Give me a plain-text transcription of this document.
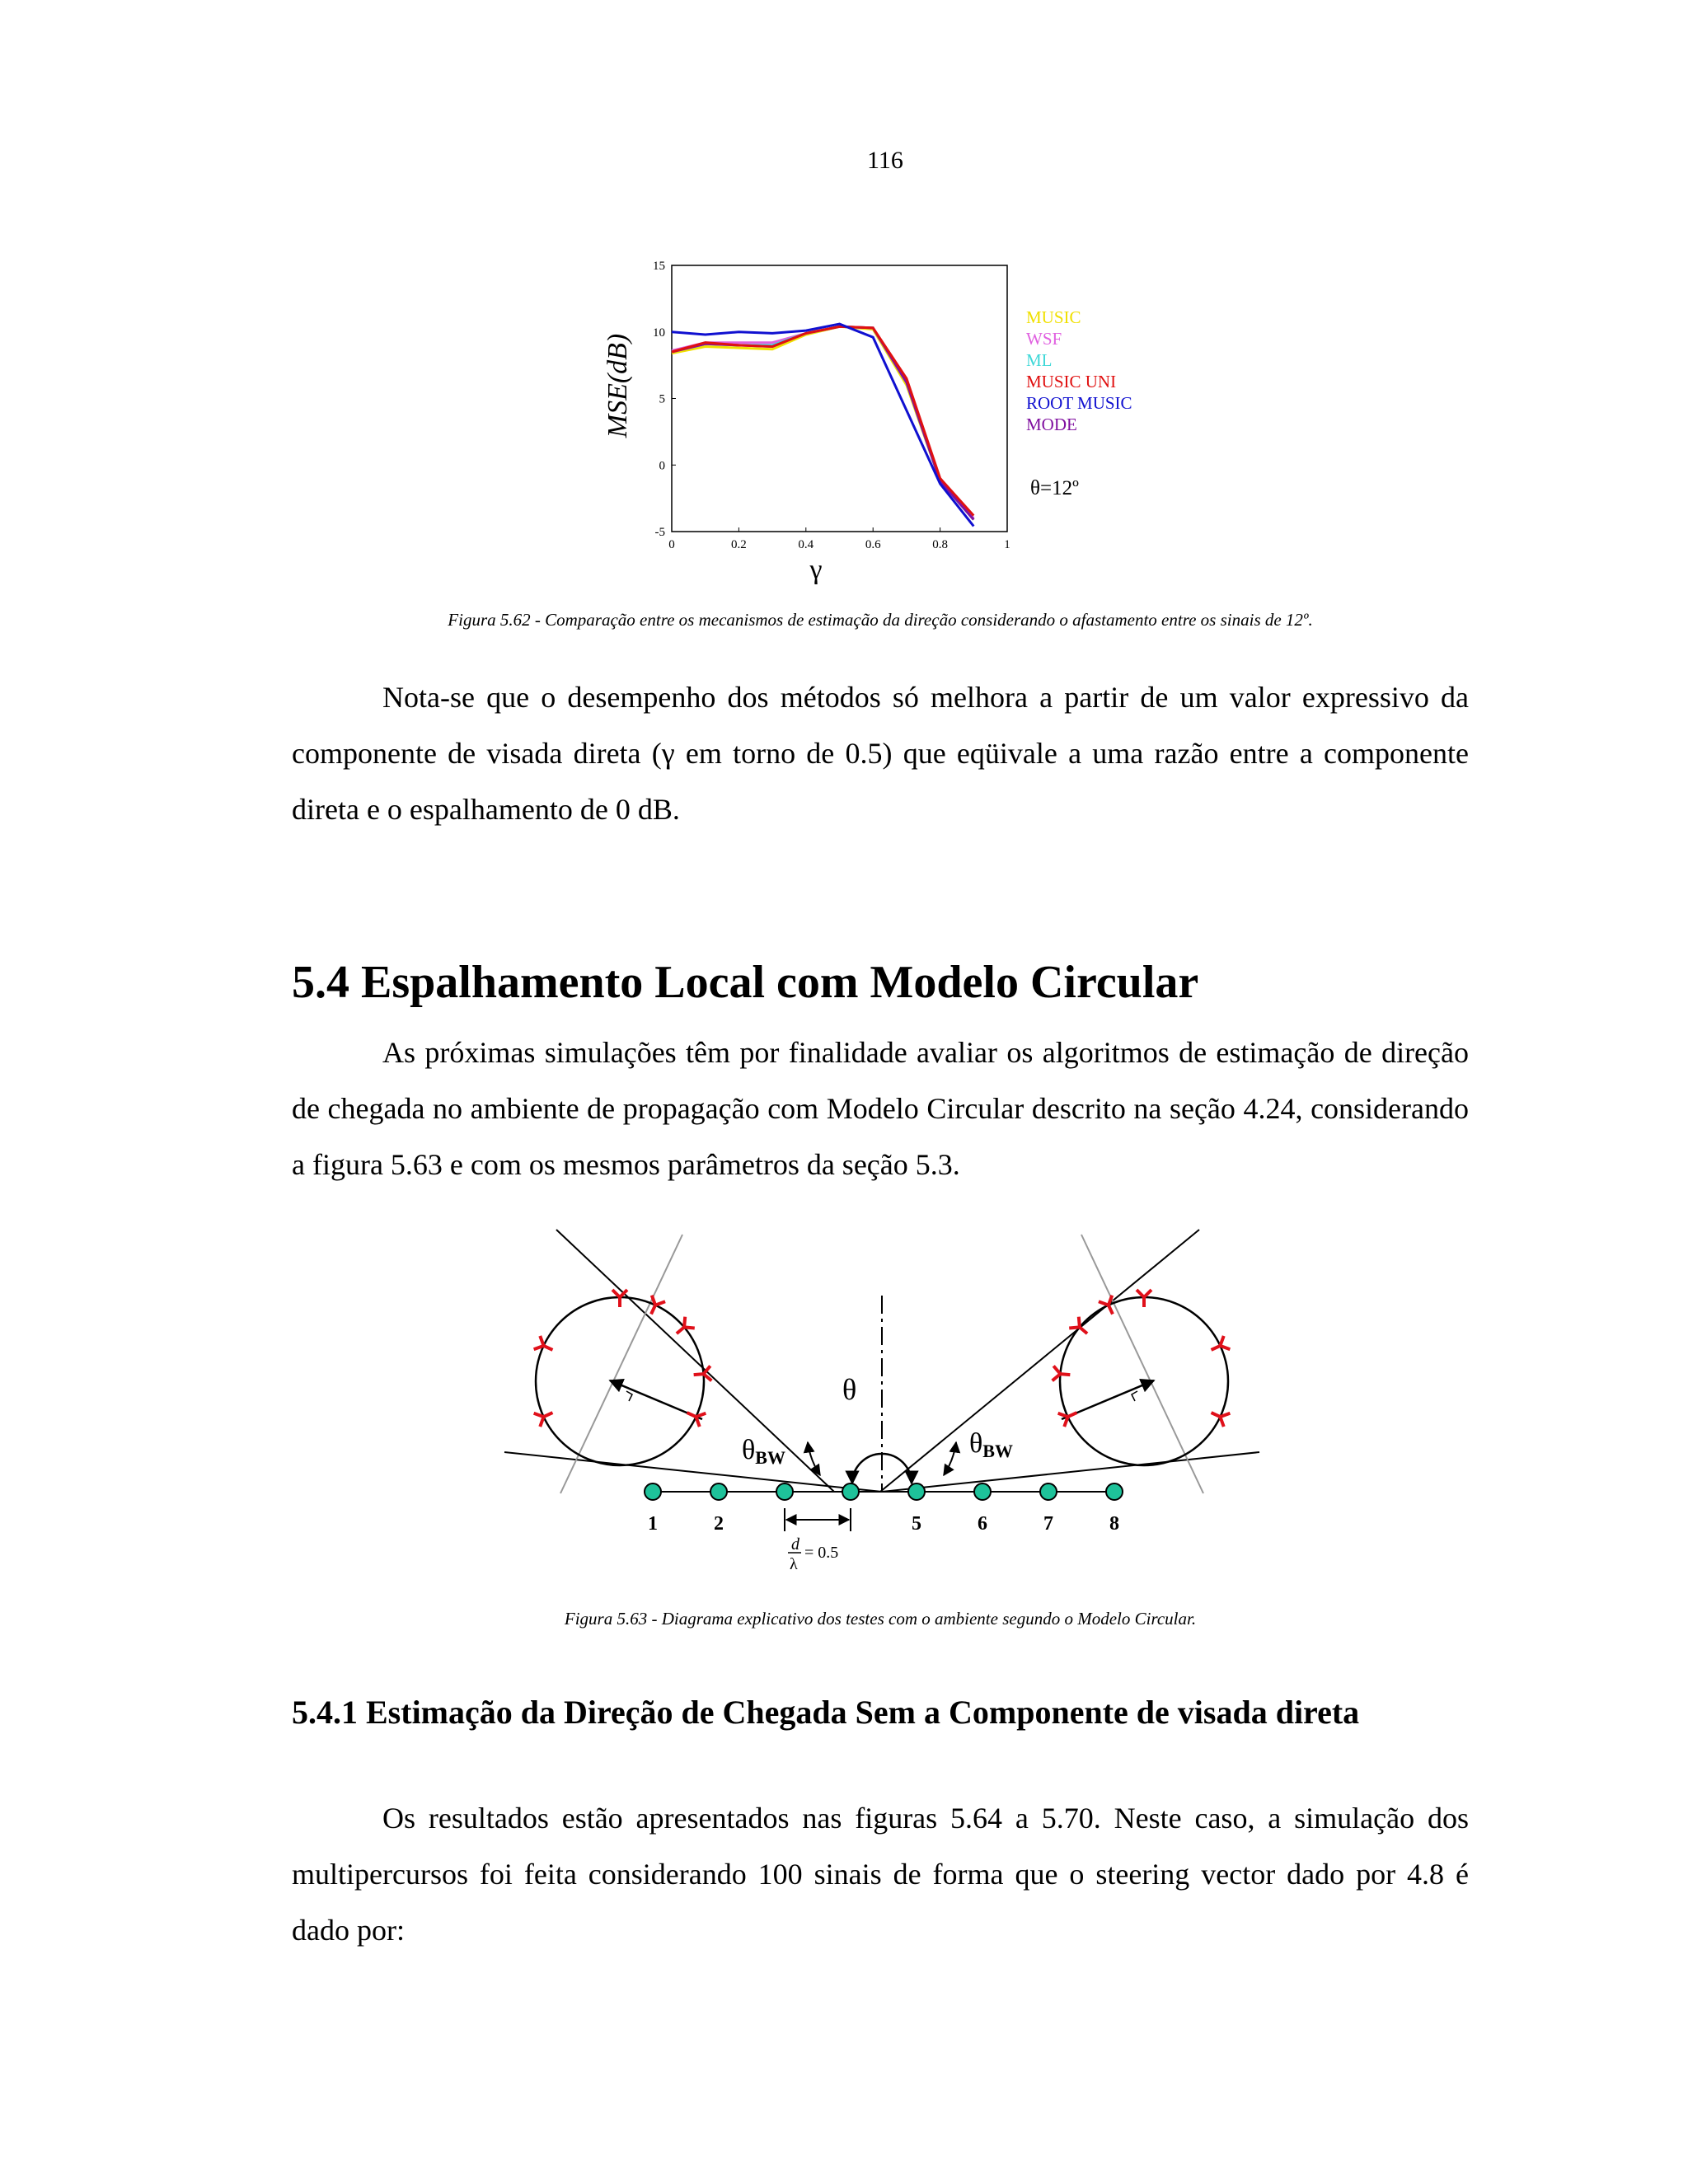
116
0	0.2	0.4	0.6	0.8	1
-5
0
5
10
15
MUSIC
WSF
ML
MUSIC UNI
ROOT MUSIC
MODE
θ=12º
MSE(dB)
γ
Figura 5.62 - Comparação entre os mecanismos de estimação da direção considerando o afastamento entre os sinais de 12º.
Nota-se que o desempenho dos métodos só melhora a partir de um valor expressivo da componente de visada direta (γ em torno de 0.5) que eqüivale a uma razão entre a componente direta e o espalhamento de 0 dB.
5.4 Espalhamento Local com Modelo Circular
As próximas simulações têm por finalidade avaliar os algoritmos de estimação de direção de chegada no ambiente de propagação com Modelo Circular descrito na seção 4.24, considerando a figura 5.63 e com os mesmos parâmetros da seção 5.3.
1	2	5	6	7	8
θ
θBW	θBW
d
λ
= 0.5
Figura 5.63 - Diagrama explicativo dos testes com o ambiente segundo o Modelo Circular.
5.4.1 Estimação da Direção de Chegada Sem a Componente de visada direta
Os resultados estão apresentados nas figuras 5.64 a 5.70. Neste caso, a simulação dos multipercursos foi feita considerando 100 sinais de forma que o steering vector dado por 4.8 é dado por:
